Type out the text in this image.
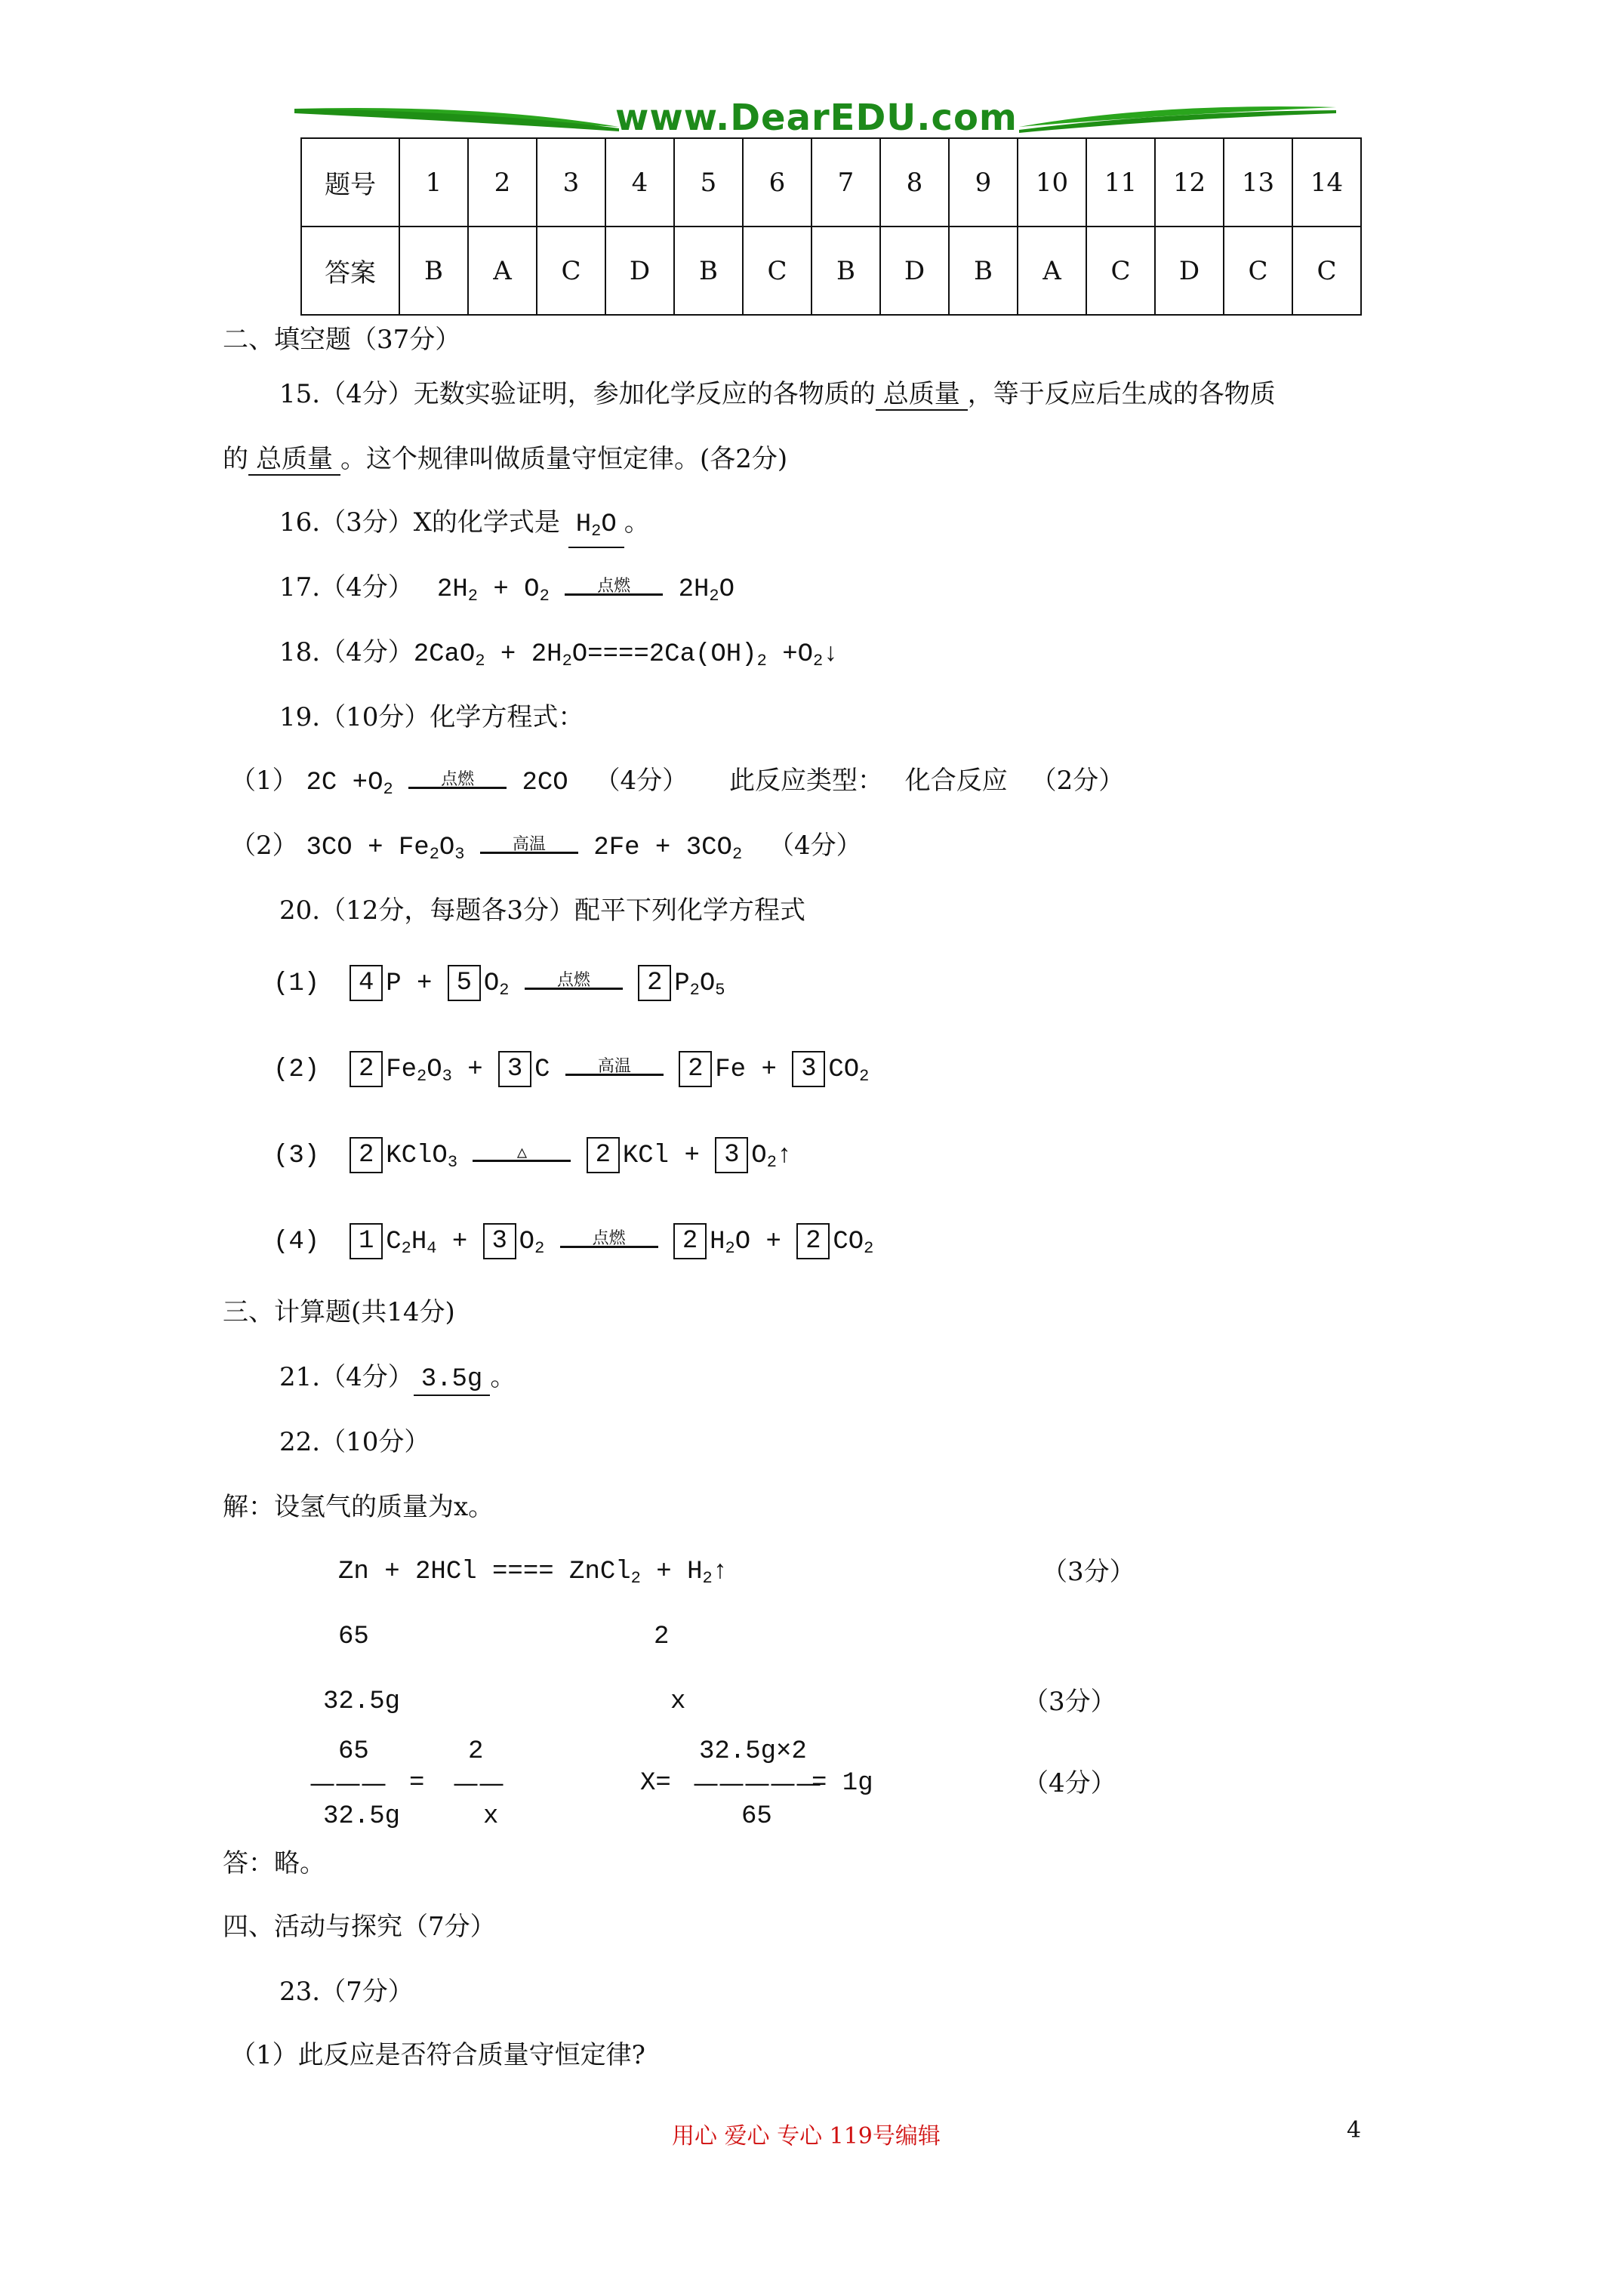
www.DearEDU.com
题号	1	2	3	4	5	6	7	8	9	10	11	12	13	14
答案	B	A	C	D	B	C	B	D	B	A	C	D	C	C
二、填空题（37分）
15.（4分）无数实验证明，参加化学反应的各物质的 总质量 ，等于反应后生成的各物质
的 总质量 。这个规律叫做质量守恒定律。(各2分)
16.（3分）X的化学式是 $H_2O$ 。
17.（4分）  $2H_2 + O_2$	点燃	$2H_2O$
18.（4分）$2CaO_2 + 2H_2O====2Ca(OH)_2$ $+O_2↓$
19.（10分）化学方程式：
（1） $2C +O_2$	点燃	2CO （4分） 此反应类型： 化合反应 （2分）
（2） $3CO + Fe_2O_3$	高温	$2Fe + 3CO_2$ （4分）
20.（12分，每题各3分）配平下列化学方程式
(1) 4 P + 5 $O_2$	点燃	2 $P_2O_5$
(2) 2 $Fe_2O_3 + 3$ C	高温	2 Fe + 3 $CO_2$
(3) 2 KClO$_3$	△	2 KCl + 3 $O_2↑$
(4) 1 $C_2H_4 + 3$ $O_2$	点燃	2 $H_2O + 2$ $CO_2$
三、计算题(共14分)
21.（4分） 3.5g 。
22.（10分）
解：设氢气的质量为x。
Zn + 2HCl ==== ZnCl$_2$ + $H_2↑$	（3分）
65	2
32.5g	x	（3分）
65	2	32.5g×2
——— = ——	X= —————
= 1g	（4分）
32.5g	x	65
答：略。
四、活动与探究（7分）
23.（7分）
（1）此反应是否符合质量守恒定律?
用心 爱心 专心 119号编辑	4
